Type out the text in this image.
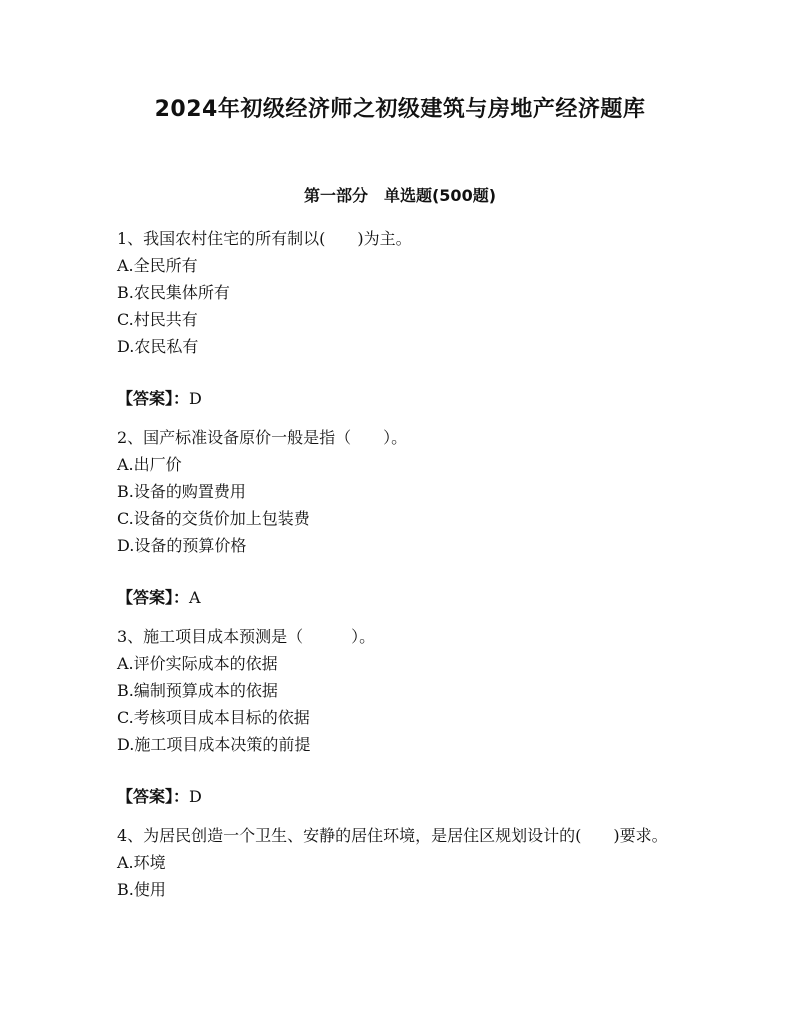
2024年初级经济师之初级建筑与房地产经济题库
第一部分　单选题(500题)

1、我国农村住宅的所有制以(　　)为主。

A.全民所有

B.农民集体所有

C.村民共有

D.农民私有

【答案】：D

2、国产标准设备原价一般是指（　　）。

A.出厂价

B.设备的购置费用

C.设备的交货价加上包装费

D.设备的预算价格

【答案】：A

3、施工项目成本预测是（　　　）。

A.评价实际成本的依据

B.编制预算成本的依据

C.考核项目成本目标的依据

D.施工项目成本决策的前提

【答案】：D

4、为居民创造一个卫生、安静的居住环境，是居住区规划设计的(　　)要求。

A.环境

B.使用
